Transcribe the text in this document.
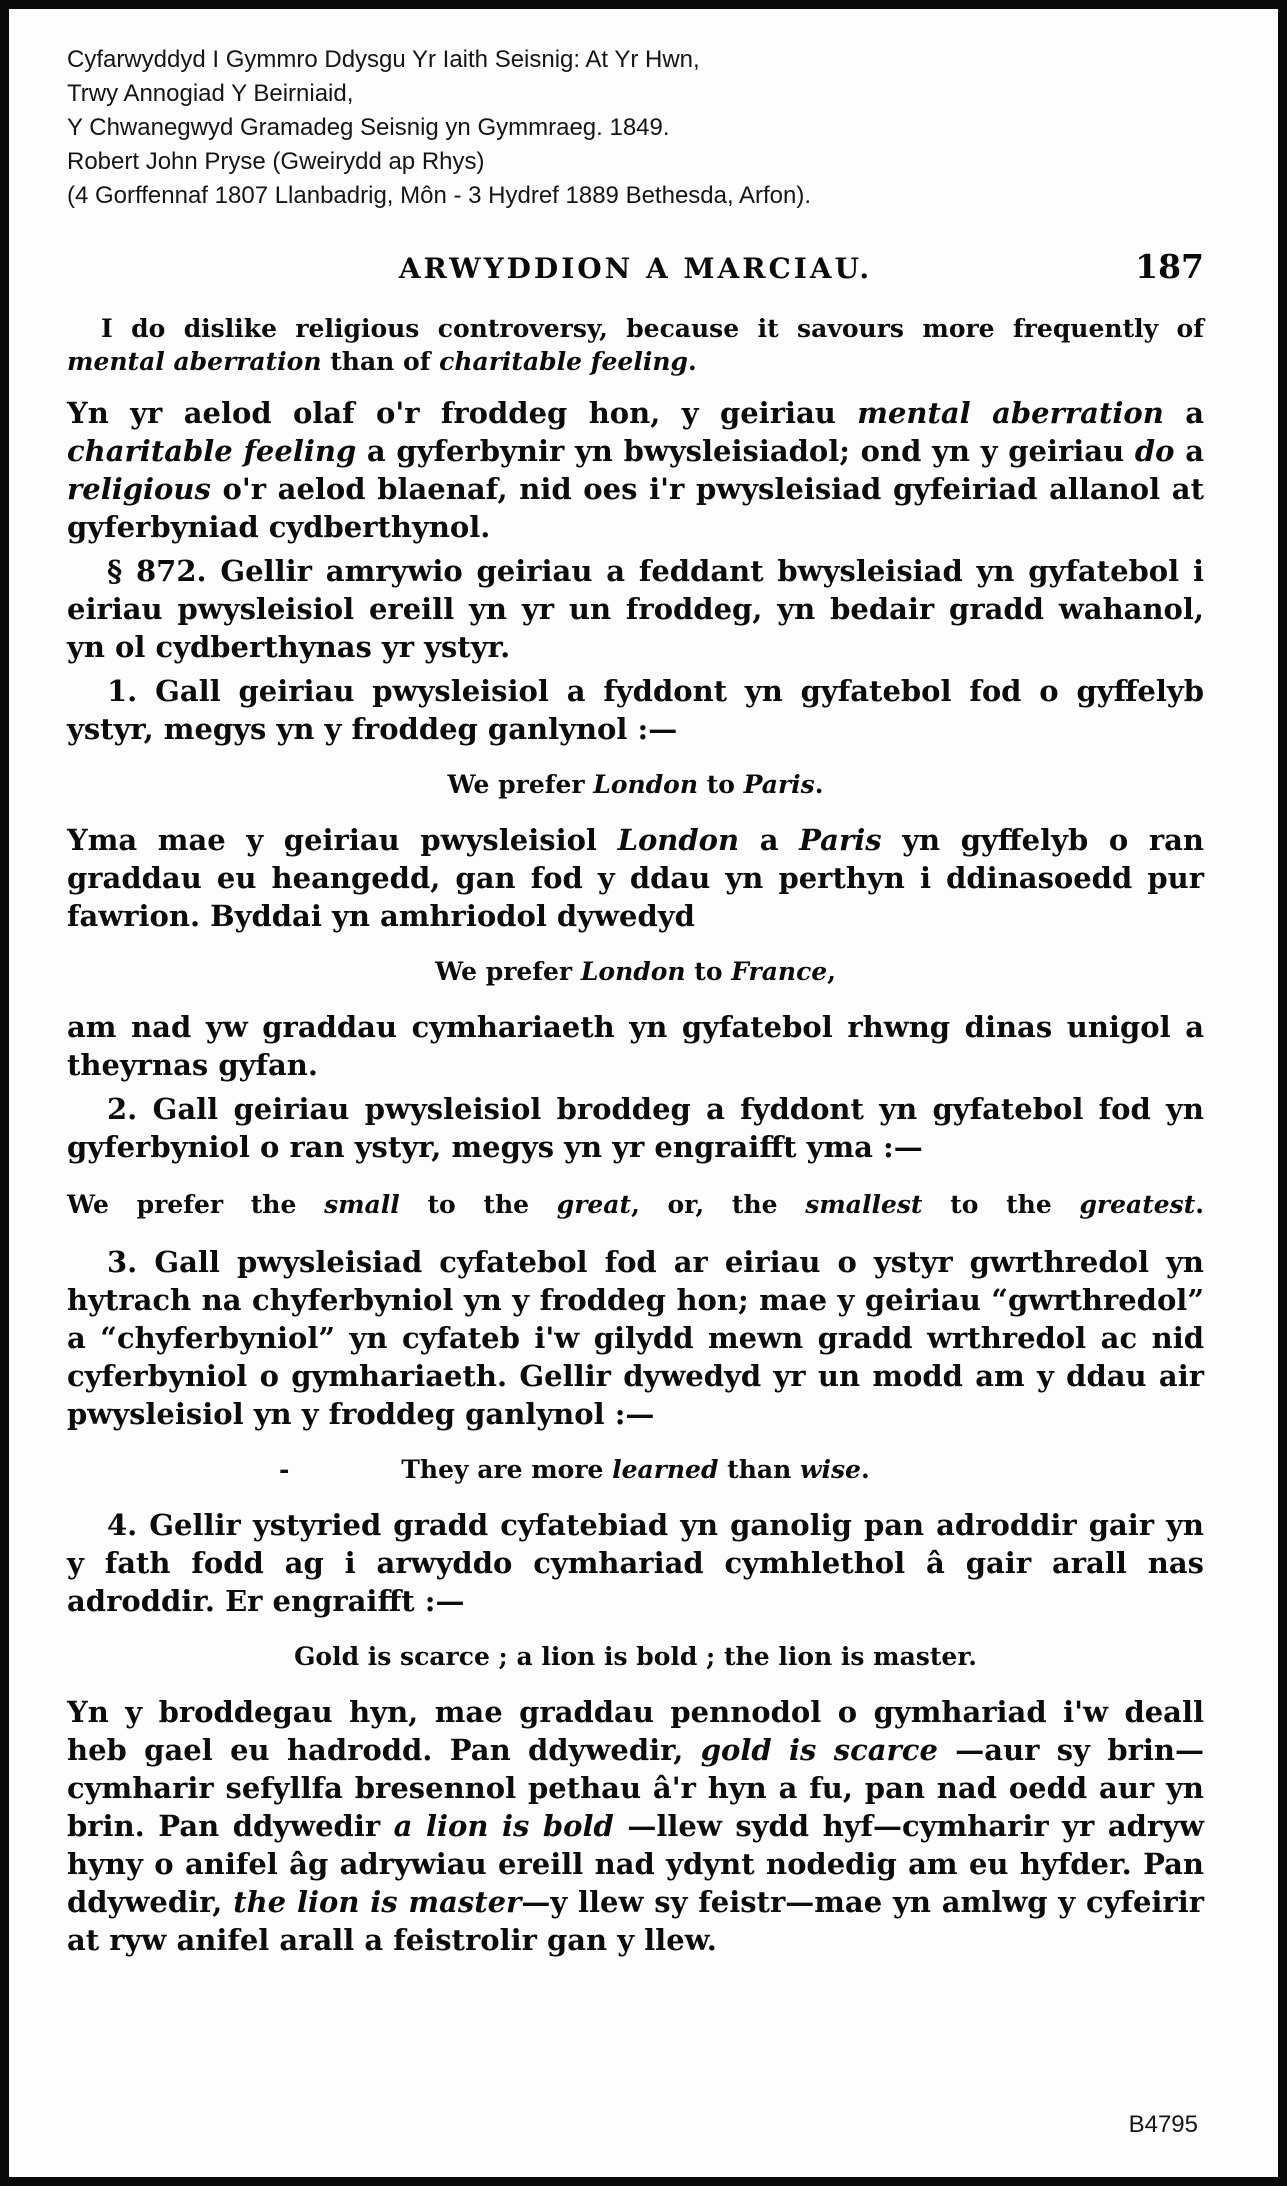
Cyfarwyddyd I Gymmro Ddysgu Yr Iaith Seisnig: At Yr Hwn,
Trwy Annogiad Y Beirniaid,
Y Chwanegwyd Gramadeg Seisnig yn Gymmraeg. 1849.
Robert John Pryse (Gweirydd ap Rhys)
(4 Gorffennaf 1807 Llanbadrig, Môn - 3 Hydref 1889 Bethesda, Arfon).
ARWYDDION A MARCIAU.	187

I do dislike religious controversy, because it savours more frequently of mental aberration than of charitable feeling.

Yn yr aelod olaf o'r froddeg hon, y geiriau mental aberration a charitable feeling a gyferbynir yn bwysleisiadol; ond yn y geiriau do a religious o'r aelod blaenaf, nid oes i'r pwysleisiad gyfeiriad allanol at gyferbyniad cydberthynol.

§ 872. Gellir amrywio geiriau a feddant bwysleisiad yn gyfatebol i eiriau pwysleisiol ereill yn yr un froddeg, yn bedair gradd wahanol, yn ol cydberthynas yr ystyr.

1. Gall geiriau pwysleisiol a fyddont yn gyfatebol fod o gyffelyb ystyr, megys yn y froddeg ganlynol :—

We prefer London to Paris.

Yma mae y geiriau pwysleisiol London a Paris yn gyffelyb o ran graddau eu heangedd, gan fod y ddau yn perthyn i ddinasoedd pur fawrion. Byddai yn amhriodol dywedyd

We prefer London to France,

am nad yw graddau cymhariaeth yn gyfatebol rhwng dinas unigol a theyrnas gyfan.

2. Gall geiriau pwysleisiol broddeg a fyddont yn gyfatebol fod yn gyferbyniol o ran ystyr, megys yn yr engraifft yma :—

We prefer the small to the great, or, the smallest to the greatest.

3. Gall pwysleisiad cyfatebol fod ar eiriau o ystyr gwrthredol yn hytrach na chyferbyniol yn y froddeg hon; mae y geiriau “gwrthredol” a “chyferbyniol” yn cyfateb i'w gilydd mewn gradd wrthredol ac nid cyferbyniol o gymhariaeth. Gellir dywedyd yr un modd am y ddau air pwysleisiol yn y froddeg ganlynol :—

-	They are more learned than wise.

4. Gellir ystyried gradd cyfatebiad yn ganolig pan adroddir gair yn y fath fodd ag i arwyddo cymhariad cymhlethol â gair arall nas adroddir. Er engraifft :—

Gold is scarce ; a lion is bold ; the lion is master.

Yn y broddegau hyn, mae graddau pennodol o gymhariad i'w deall heb gael eu hadrodd. Pan ddywedir, gold is scarce —aur sy brin—cymharir sefyllfa bresennol pethau â'r hyn a fu, pan nad oedd aur yn brin. Pan ddywedir a lion is bold —llew sydd hyf—cymharir yr adryw hyny o anifel âg adrywiau ereill nad ydynt nodedig am eu hyfder. Pan ddywedir, the lion is master—y llew sy feistr—mae yn amlwg y cyfeirir at ryw anifel arall a feistrolir gan y llew.

B4795
